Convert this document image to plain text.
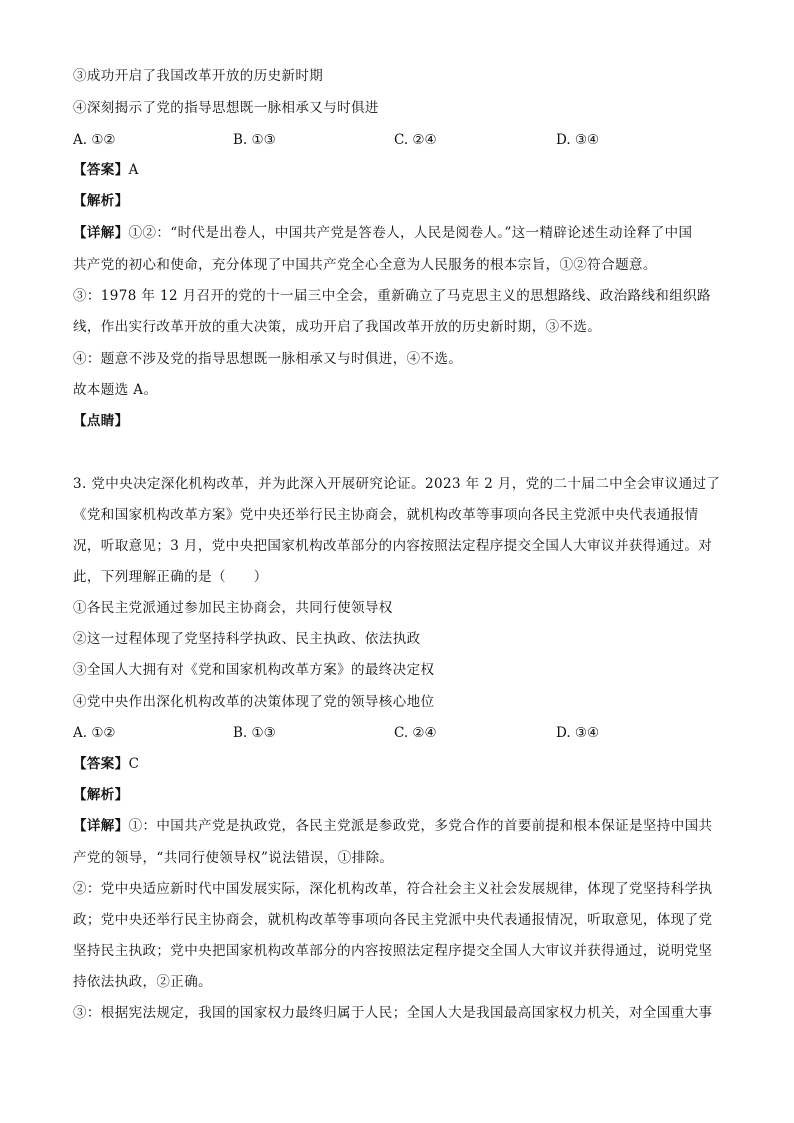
③成功开启了我国改革开放的历史新时期
④深刻揭示了党的指导思想既一脉相承又与时俱进
A. ①②	B. ①③	C. ②④	D. ③④
【答案】A
【解析】
【详解】①②：“时代是出卷人，中国共产党是答卷人，人民是阅卷人。”这一精辟论述生动诠释了中国
共产党的初心和使命，充分体现了中国共产党全心全意为人民服务的根本宗旨，①②符合题意。
③：1978 年 12 月召开的党的十一届三中全会，重新确立了马克思主义的思想路线、政治路线和组织路
线，作出实行改革开放的重大决策，成功开启了我国改革开放的历史新时期，③不选。
④：题意不涉及党的指导思想既一脉相承又与时俱进，④不选。
故本题选 A。
【点睛】
3. 党中央决定深化机构改革，并为此深入开展研究论证。2023 年 2 月，党的二十届二中全会审议通过了
《党和国家机构改革方案》党中央还举行民主协商会，就机构改革等事项向各民主党派中央代表通报情
况，听取意见；3 月，党中央把国家机构改革部分的内容按照法定程序提交全国人大审议并获得通过。对
此，下列理解正确的是（　　）
①各民主党派通过参加民主协商会，共同行使领导权
②这一过程体现了党坚持科学执政、民主执政、依法执政
③全国人大拥有对《党和国家机构改革方案》的最终决定权
④党中央作出深化机构改革的决策体现了党的领导核心地位
A. ①②	B. ①③	C. ②④	D. ③④
【答案】C
【解析】
【详解】①：中国共产党是执政党，各民主党派是参政党，多党合作的首要前提和根本保证是坚持中国共
产党的领导，“共同行使领导权”说法错误，①排除。
②：党中央适应新时代中国发展实际，深化机构改革，符合社会主义社会发展规律，体现了党坚持科学执
政；党中央还举行民主协商会，就机构改革等事项向各民主党派中央代表通报情况，听取意见，体现了党
坚持民主执政；党中央把国家机构改革部分的内容按照法定程序提交全国人大审议并获得通过，说明党坚
持依法执政，②正确。
③：根据宪法规定，我国的国家权力最终归属于人民；全国人大是我国最高国家权力机关，对全国重大事
